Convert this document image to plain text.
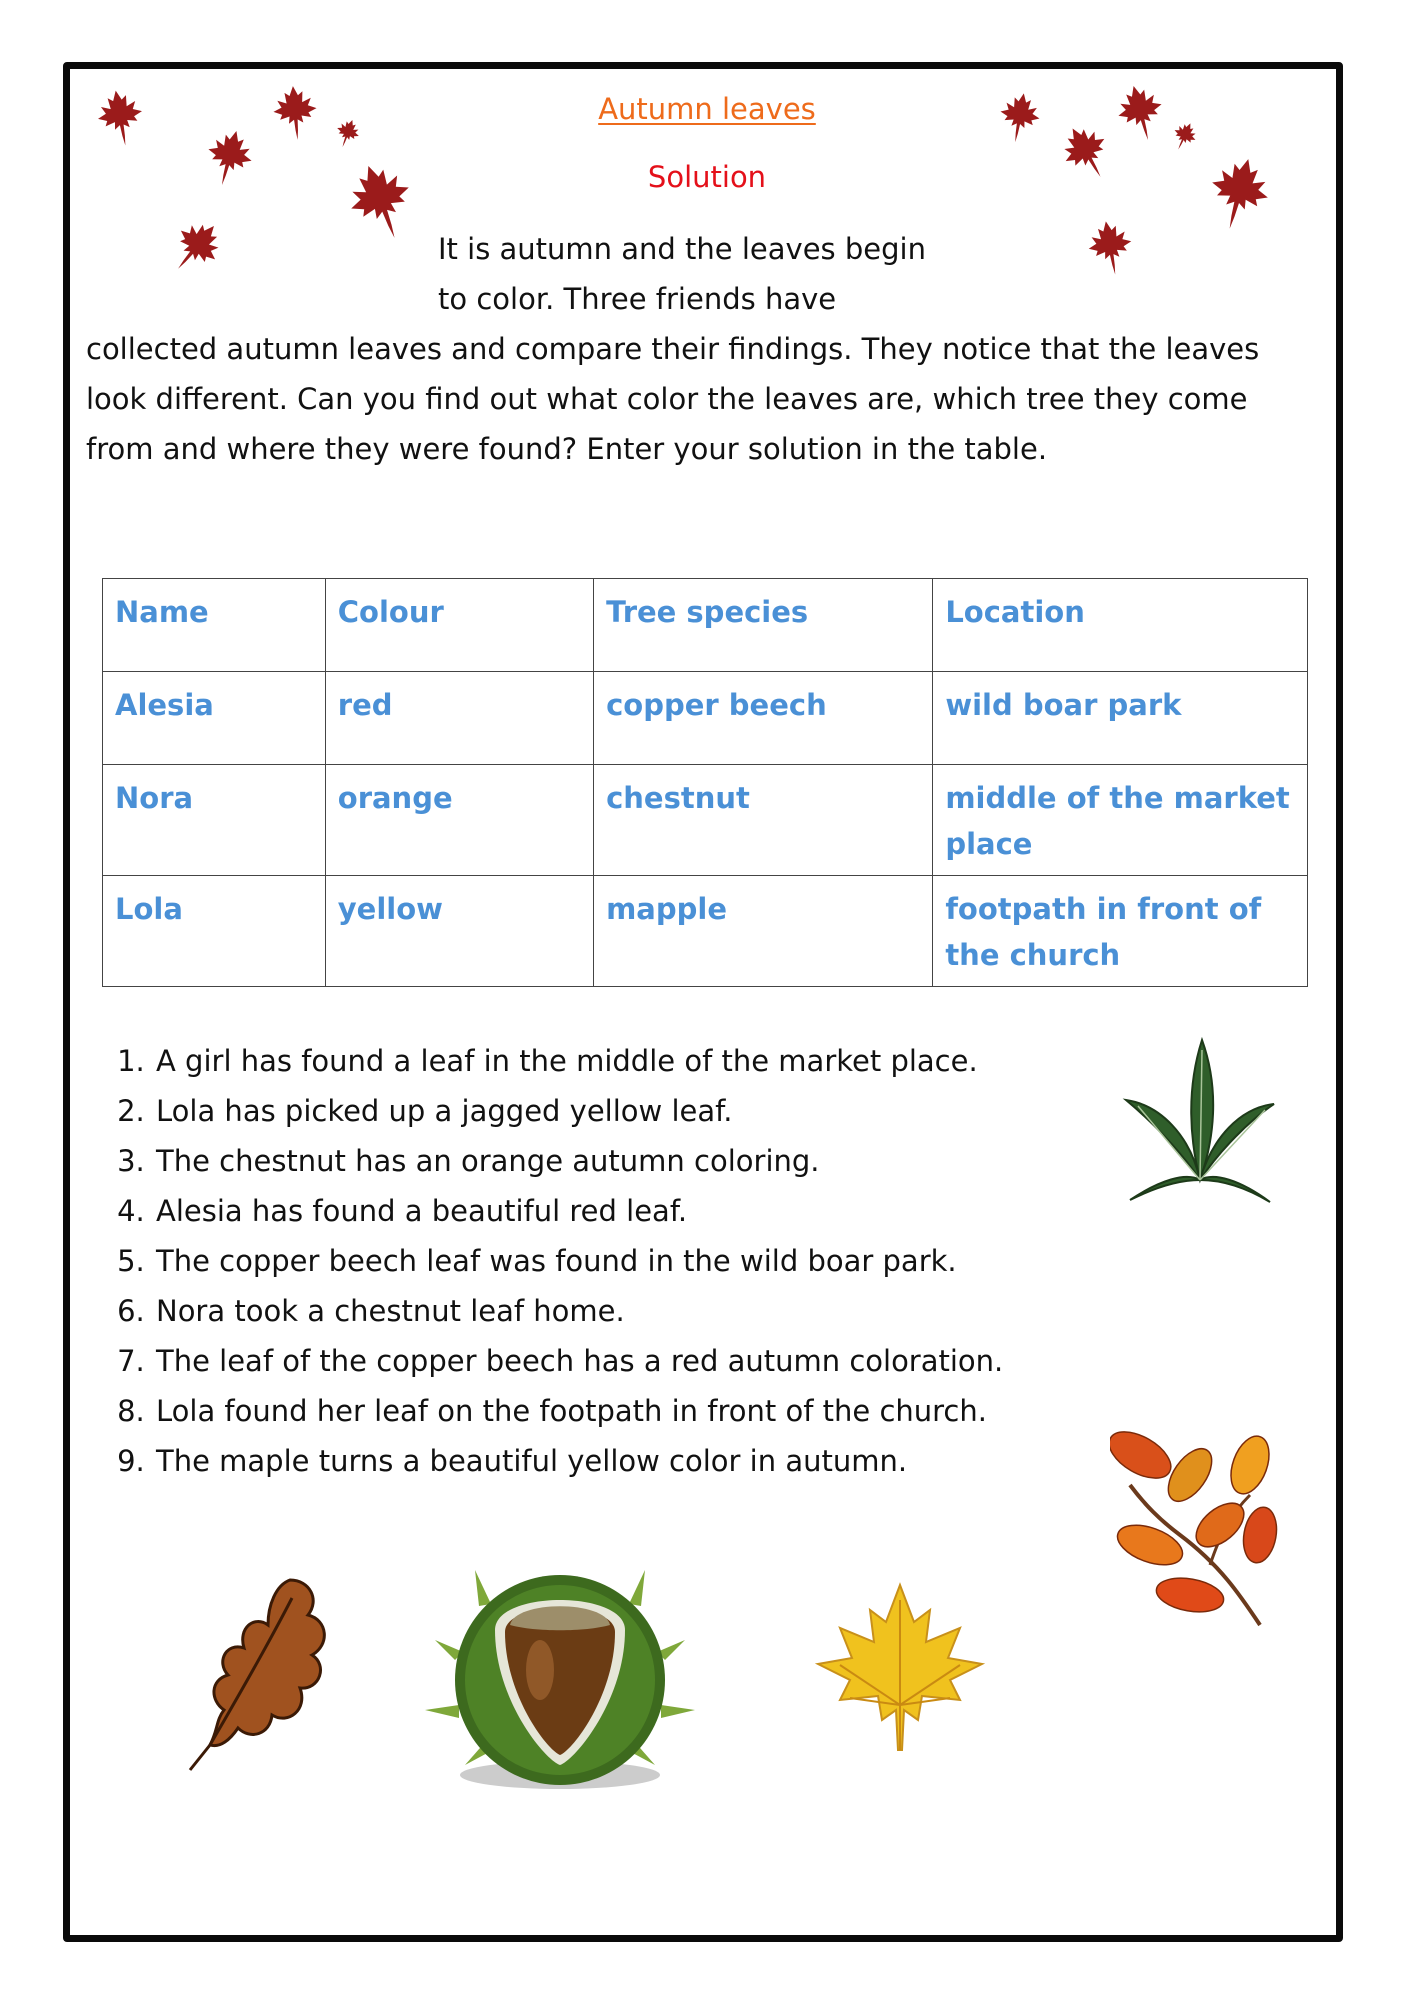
Autumn leaves
Solution

It is autumn and the leaves begin

to color. Three friends have

collected autumn leaves and compare their findings. They notice that the leaves

look different. Can you find out what color the leaves are, which tree they come

from and where they were found? Enter your solution in the table.

Name	Colour	Tree species	Location
Alesia	red	copper beech	wild boar park
Nora	orange	chestnut	middle of the market place
Lola	yellow	mapple	footpath in front of the church
1. A girl has found a leaf in the middle of the market place.
2. Lola has picked up a jagged yellow leaf.
3. The chestnut has an orange autumn coloring.
4. Alesia has found a beautiful red leaf.
5. The copper beech leaf was found in the wild boar park.
6. Nora took a chestnut leaf home.
7. The leaf of the copper beech has a red autumn coloration.
8. Lola found her leaf on the footpath in front of the church.
9. The maple turns a beautiful yellow color in autumn.
